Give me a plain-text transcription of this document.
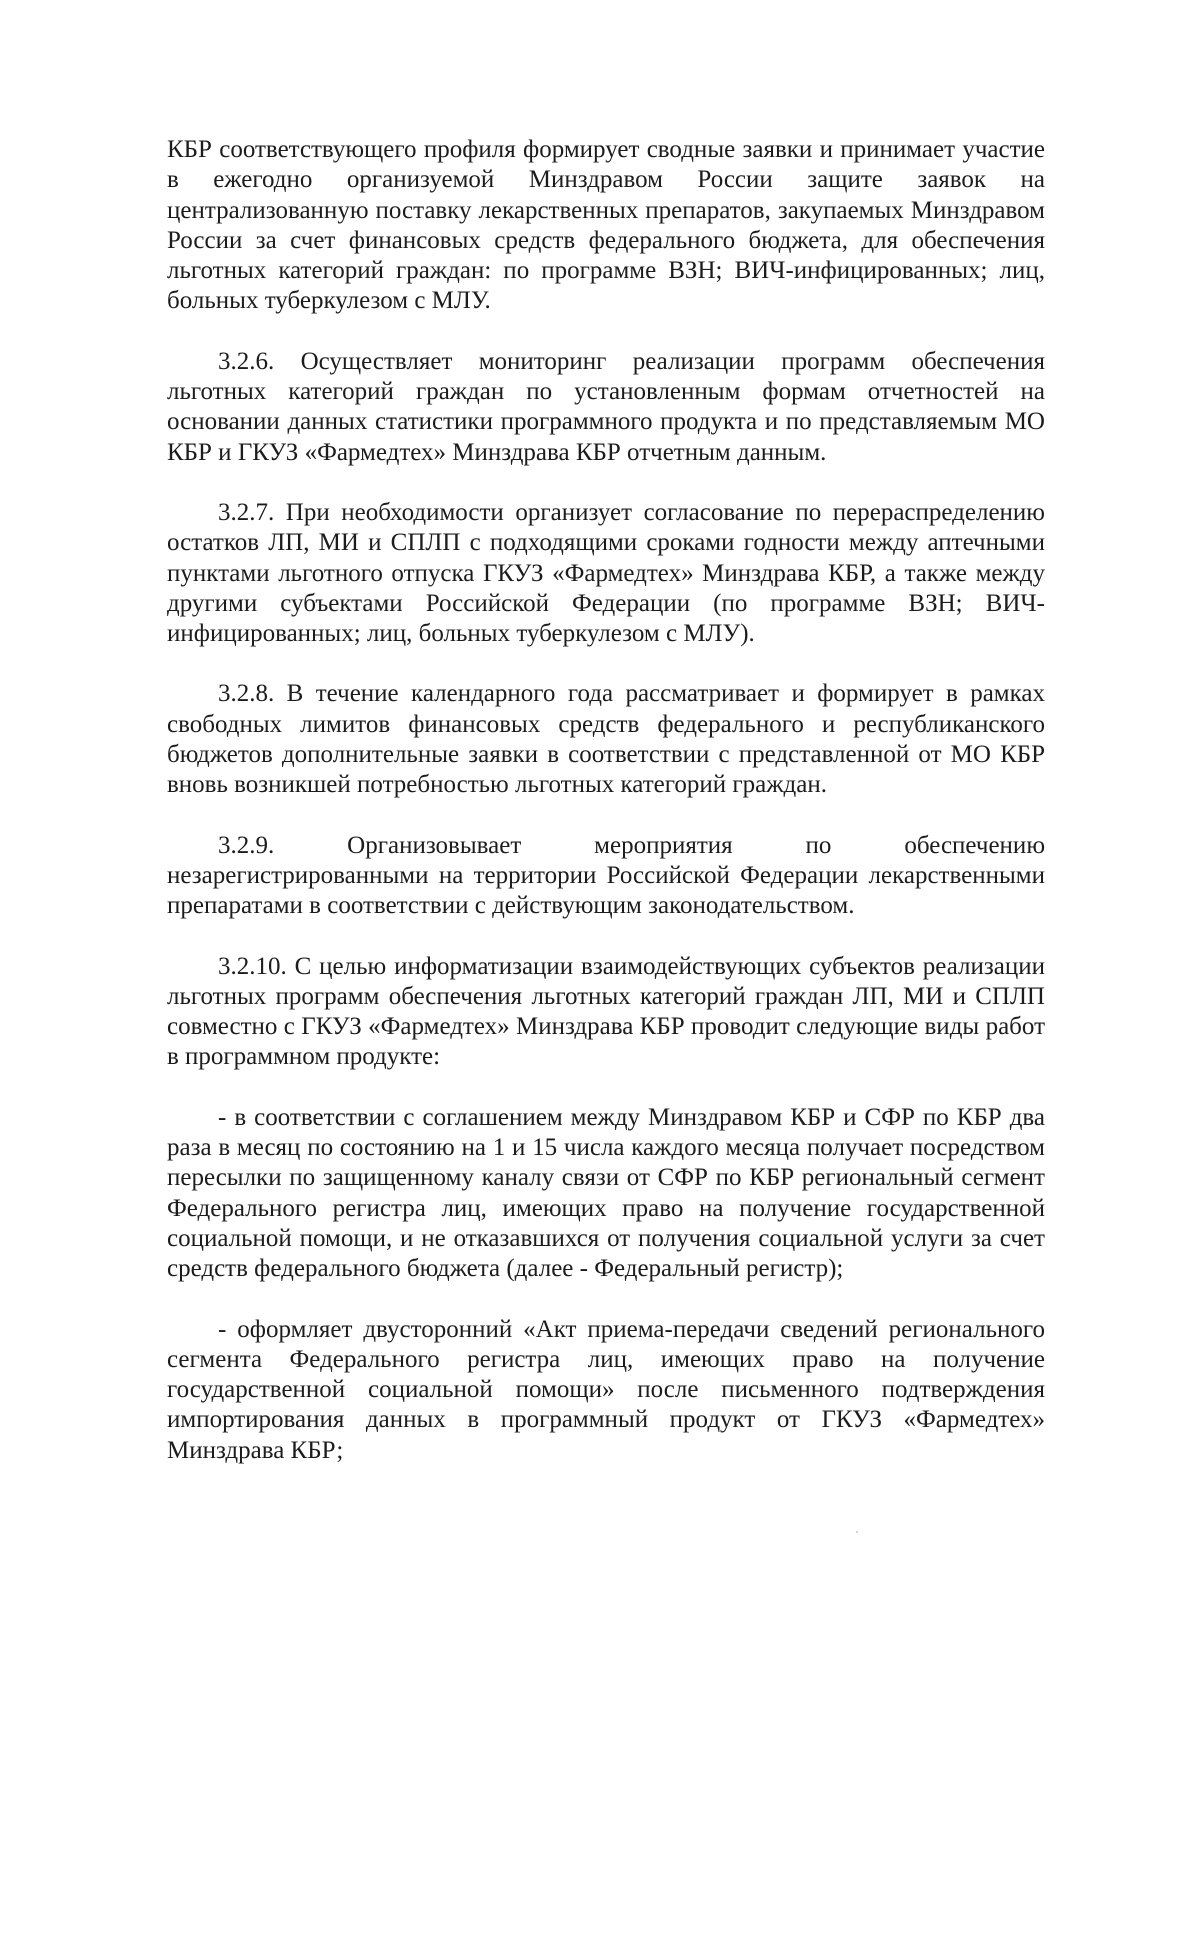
КБР соответствующего профиля формирует сводные заявки и принимает участие в ежегодно организуемой Минздравом России защите заявок на централизованную поставку лекарственных препаратов, закупаемых Минздравом России за счет финансовых средств федерального бюджета, для обеспечения льготных категорий граждан: по программе ВЗН; ВИЧ-инфицированных; лиц, больных туберкулезом с МЛУ.

3.2.6. Осуществляет мониторинг реализации программ обеспечения льготных категорий граждан по установленным формам отчетностей на основании данных статистики программного продукта и по представляемым МО КБР и ГКУЗ «Фармедтех» Минздрава КБР отчетным данным.

3.2.7. При необходимости организует согласование по перераспределению остатков ЛП, МИ и СПЛП с подходящими сроками годности между аптечными пунктами льготного отпуска ГКУЗ «Фармедтех» Минздрава КБР, а также между другими субъектами Российской Федерации (по программе ВЗН; ВИЧ-инфицированных; лиц, больных туберкулезом с МЛУ).

3.2.8. В течение календарного года рассматривает и формирует в рамках свободных лимитов финансовых средств федерального и республиканского бюджетов дополнительные заявки в соответствии с представленной от МО КБР вновь возникшей потребностью льготных категорий граждан.

3.2.9. Организовывает мероприятия по обеспечению незарегистрированными на территории Российской Федерации лекарственными препаратами в соответствии с действующим законодательством.

3.2.10. С целью информатизации взаимодействующих субъектов реализации льготных программ обеспечения льготных категорий граждан ЛП, МИ и СПЛП совместно с ГКУЗ «Фармедтех» Минздрава КБР проводит следующие виды работ в программном продукте:

- в соответствии с соглашением между Минздравом КБР и СФР по КБР два раза в месяц по состоянию на 1 и 15 числа каждого месяца получает посредством пересылки по защищенному каналу связи от СФР по КБР региональный сегмент Федерального регистра лиц, имеющих право на получение государственной социальной помощи, и не отказавшихся от получения социальной услуги за счет средств федерального бюджета (далее - Федеральный регистр);

- оформляет двусторонний «Акт приема-передачи сведений регионального сегмента Федерального регистра лиц, имеющих право на получение государственной социальной помощи» после письменного подтверждения импортирования данных в программный продукт от ГКУЗ «Фармедтех» Минздрава КБР;
